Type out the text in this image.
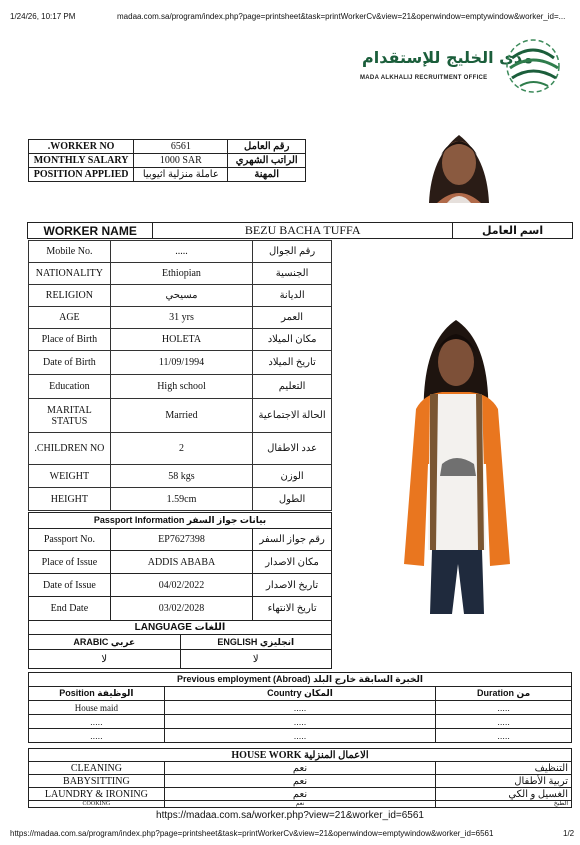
1/24/26, 10:17 PM	madaa.com.sa/program/index.php?page=printsheet&task=printWorkerCv&view=21&openwindow=emptywindow&worker_id=...
مدى الخليج للإستقدام
MADA ALKHALIJ RECRUITMENT OFFICE
.WORKER NO	6561	رقم العامل
MONTHLY SALARY	1000 SAR	الراتب الشهري
POSITION APPLIED	عاملة منزلية اثيوبيا	المهنة
WORKER NAME	BEZU BACHA TUFFA	اسم العامل
Mobile No.	.....	رقم الجوال
NATIONALITY	Ethiopian	الجنسية
RELIGION	مسيحي	الديانة
AGE	31 yrs	العمر
Place of Birth	HOLETA	مكان الميلاد
Date of Birth	11/09/1994	تاريخ الميلاد
Education	High school	التعليم
MARITAL STATUS	Married	الحالة الاجتماعية
.CHILDREN NO	2	عدد الاطفال
WEIGHT	58 kgs	الوزن
HEIGHT	1.59cm	الطول
Passport Information بيانات جواز السفر		
Passport No.	EP7627398	رقم جواز السفر
Place of Issue	ADDIS ABABA	مكان الاصدار
Date of Issue	04/02/2022	تاريخ الاصدار
End Date	03/02/2028	تاريخ الانتهاء
LANGUAGE اللغات	
ARABIC عربي	ENGLISH انجليزي
لا	لا
Previous employment (Abroad) الخبرة السابقة خارج البلد		
Position الوظيفة	Country المكان	Duration من
House maid	.....	.....
.....	.....	.....
.....	.....	.....
HOUSE WORK الاعمال المنزلية		
CLEANING	نعم	التنظيف
BABYSITTING	نعم	تربية الأطفال
LAUNDRY & IRONING	نعم	الغسيل و الكي
COOKING	نعم	الطبخ
https://madaa.com.sa/worker.php?view=21&worker_id=6561
https://madaa.com.sa/program/index.php?page=printsheet&task=printWorkerCv&view=21&openwindow=emptywindow&worker_id=6561	1/2
